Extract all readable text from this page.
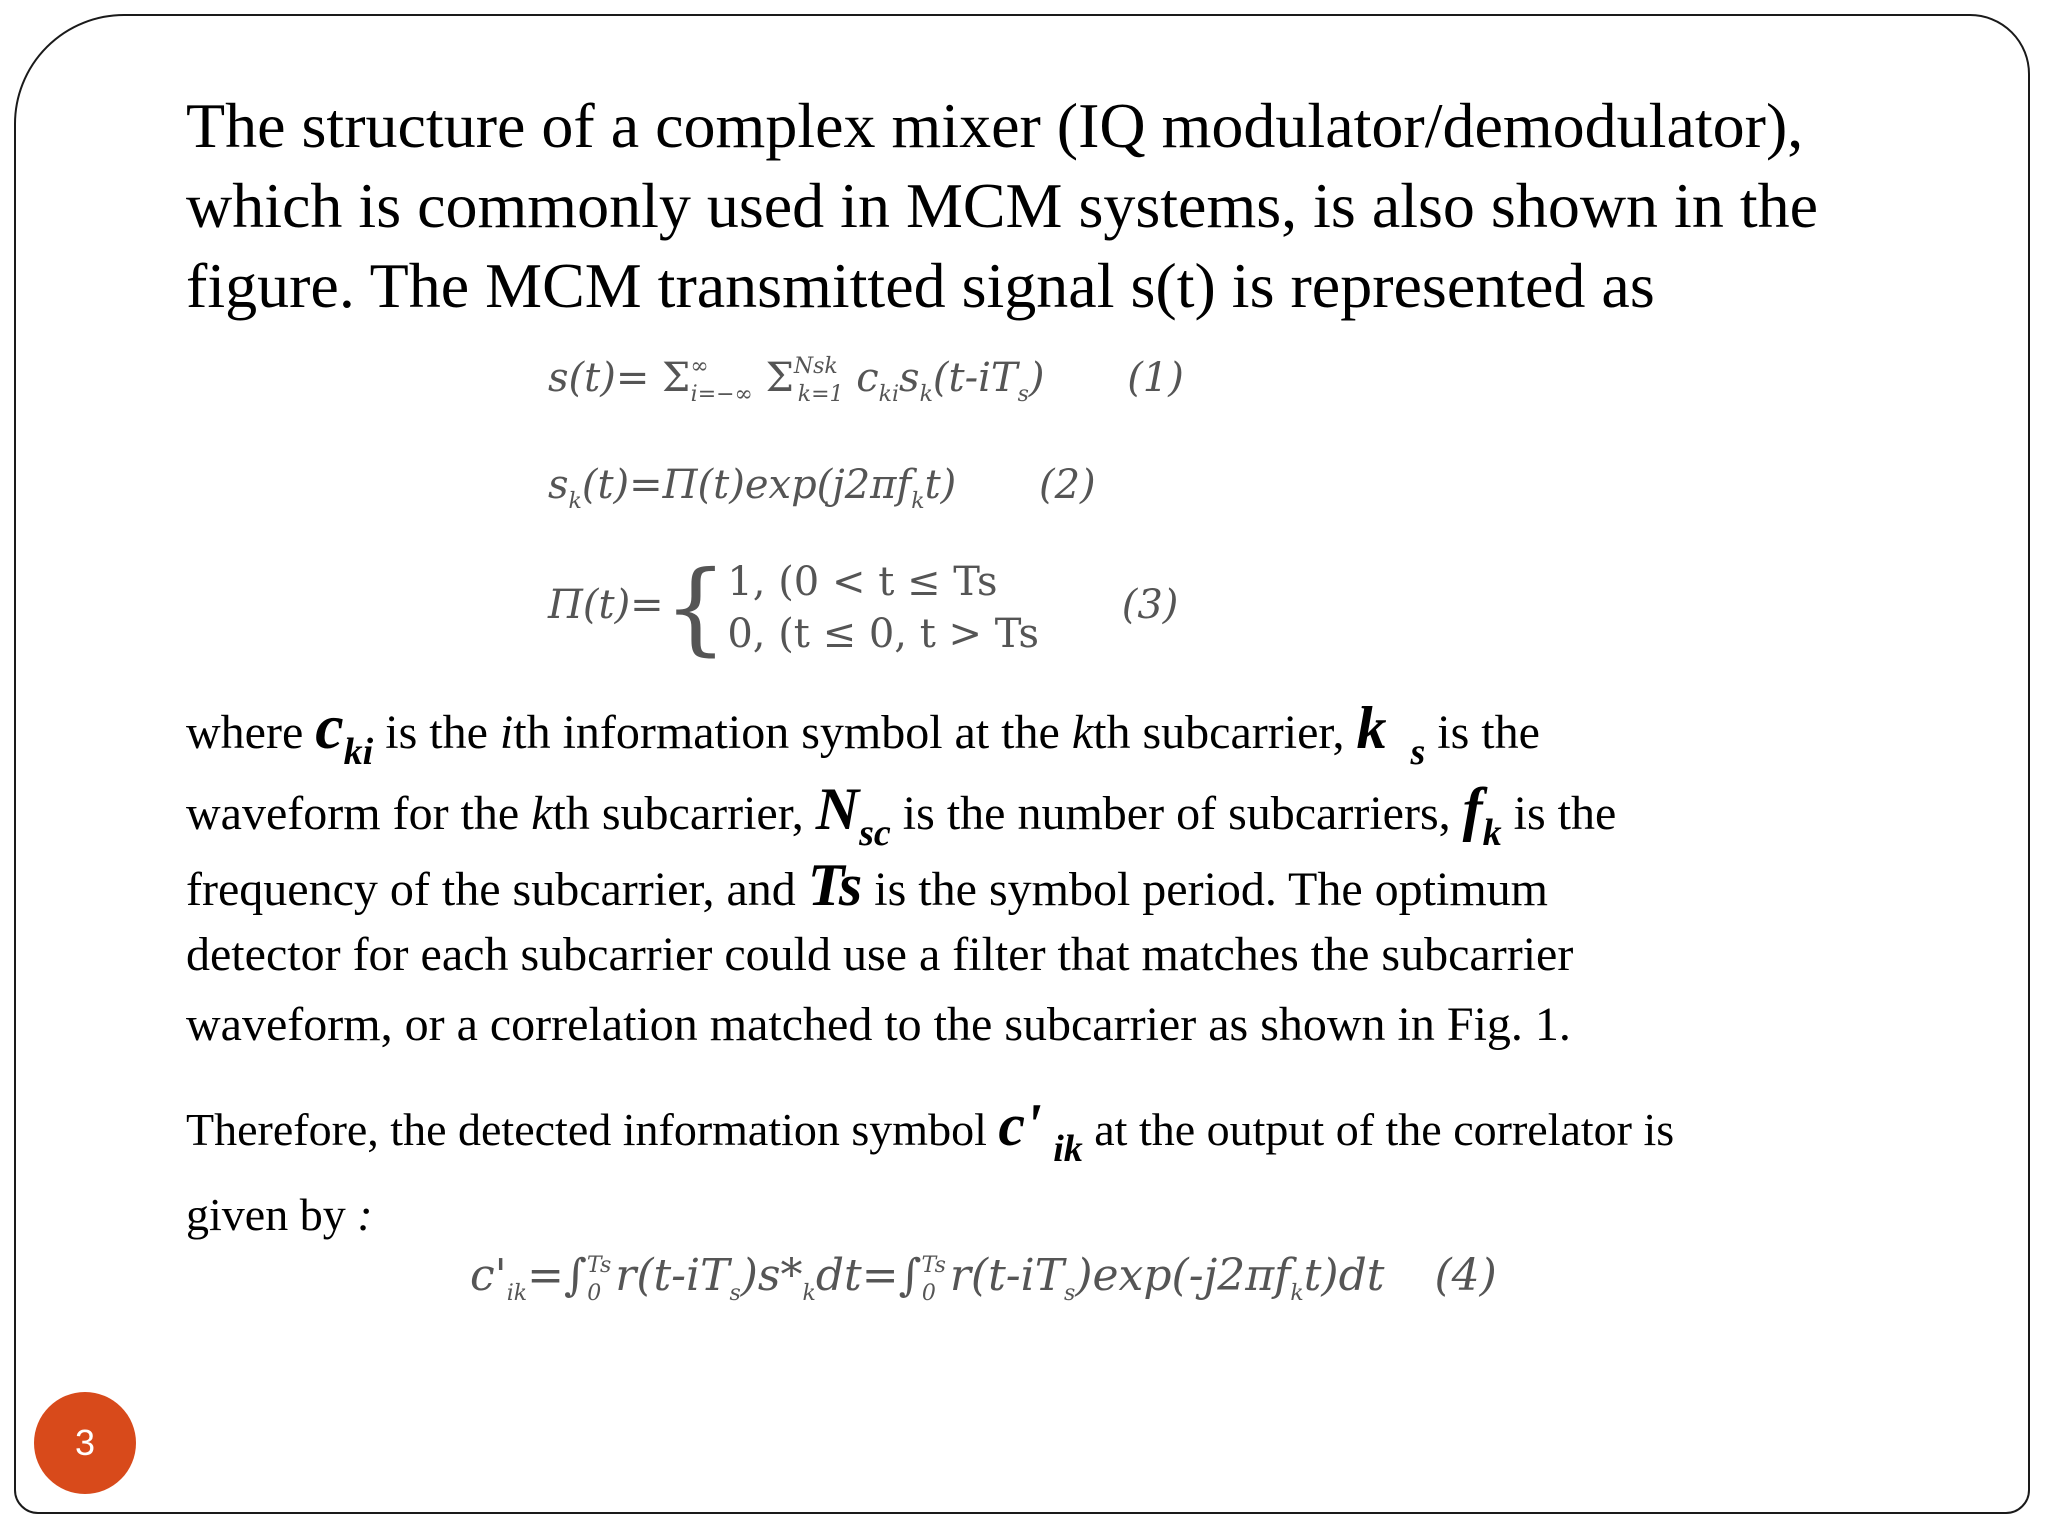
The structure of a complex mixer (IQ modulator/demodulator),
which is commonly used in MCM systems, is also shown in the
figure. The MCM transmitted signal s(t) is represented as
$s(t)= \Sigma^\infty_{i=-\infty}$ $\Sigma^{Nsk}_{k=1}$ $c_{ki}s_k(t-iT_s)$ (1)
$s_k(t)=\Pi(t)\exp(j2\pi f_kt)$ (2)
Π(t)={1, (0 < t ≤ Ts
0, (t ≤ 0, t > Ts (3)
where $c_{ki}$ is the ith information symbol at the kth subcarrier, k $_s$ is the
waveform for the kth subcarrier, $N_{sc}$ is the number of subcarriers, $f_k$ is the
frequency of the subcarrier, and Ts is the symbol period. The optimum
detector for each subcarrier could use a filter that matches the subcarrier
waveform, or a correlation matched to the subcarrier as shown in Fig. 1.
Therefore, the detected information symbol c' $_{ik}$ at the output of the correlator is
given by :
$c'_{ik}=\int^{Ts}_0$ $r(t-iT_s)s*_kdt=\int^{Ts}_0$ $r(t-iT_s)\exp(-j2\pi f_kt)dt$ (4)
3
